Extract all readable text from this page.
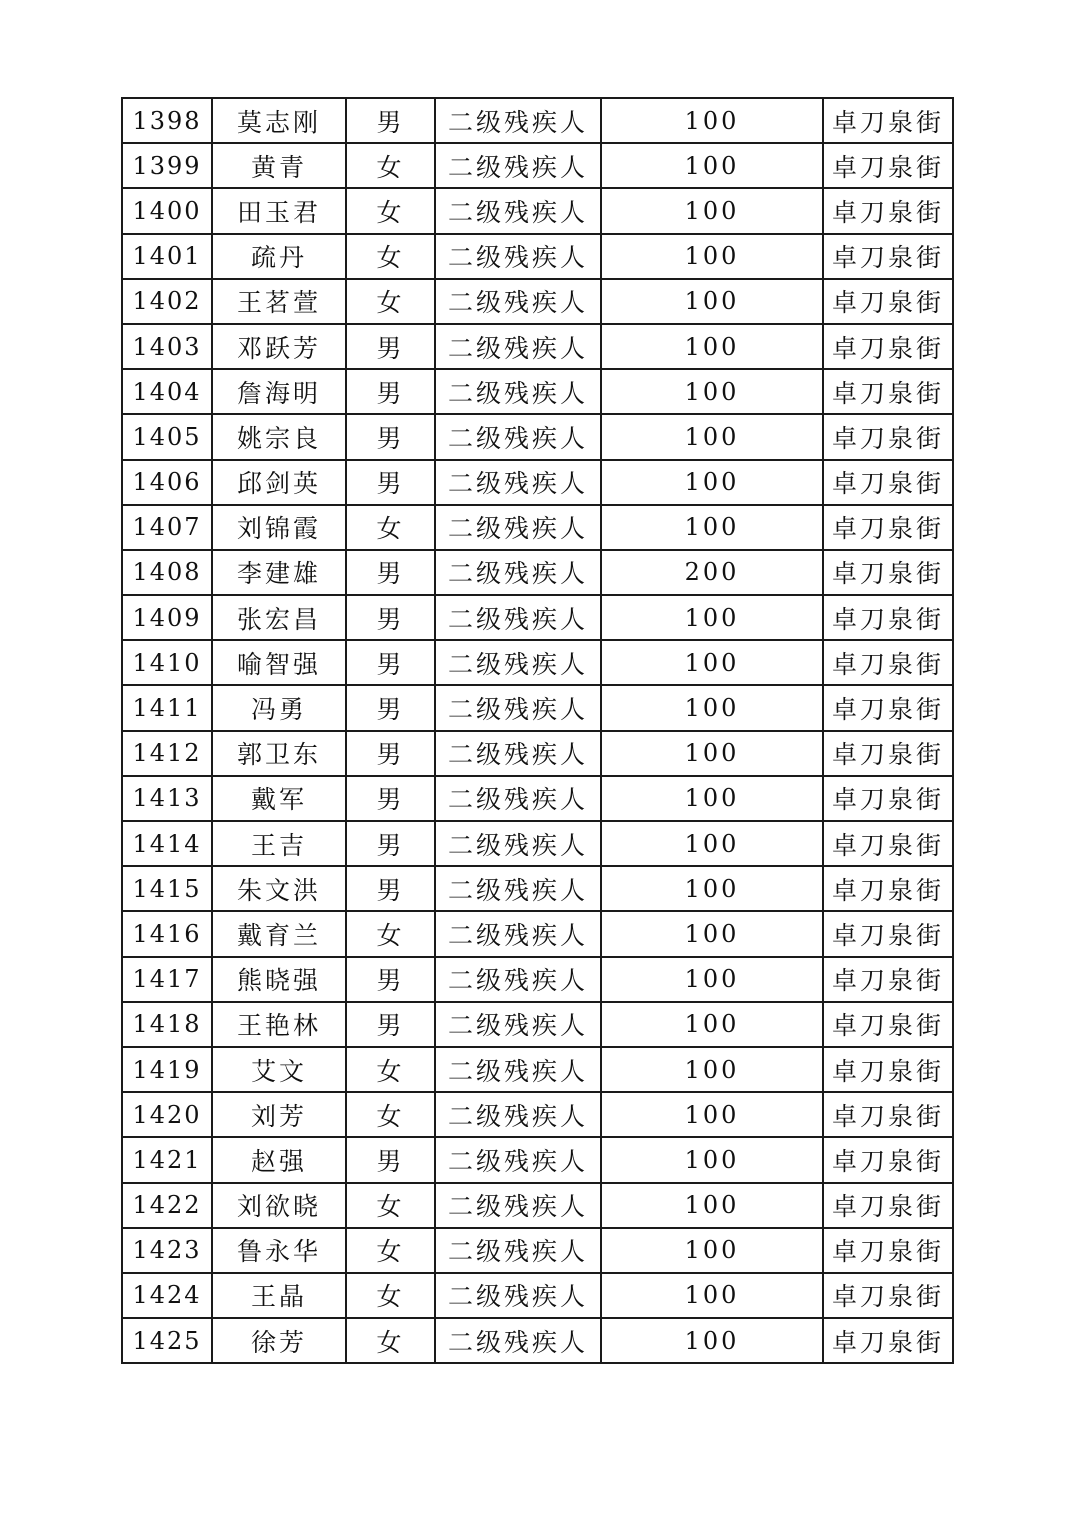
1398	莫志刚	男	二级残疾人	100	卓刀泉街
1399	黄青	女	二级残疾人	100	卓刀泉街
1400	田玉君	女	二级残疾人	100	卓刀泉街
1401	疏丹	女	二级残疾人	100	卓刀泉街
1402	王茗萱	女	二级残疾人	100	卓刀泉街
1403	邓跃芳	男	二级残疾人	100	卓刀泉街
1404	詹海明	男	二级残疾人	100	卓刀泉街
1405	姚宗良	男	二级残疾人	100	卓刀泉街
1406	邱剑英	男	二级残疾人	100	卓刀泉街
1407	刘锦霞	女	二级残疾人	100	卓刀泉街
1408	李建雄	男	二级残疾人	200	卓刀泉街
1409	张宏昌	男	二级残疾人	100	卓刀泉街
1410	喻智强	男	二级残疾人	100	卓刀泉街
1411	冯勇	男	二级残疾人	100	卓刀泉街
1412	郭卫东	男	二级残疾人	100	卓刀泉街
1413	戴军	男	二级残疾人	100	卓刀泉街
1414	王吉	男	二级残疾人	100	卓刀泉街
1415	朱文洪	男	二级残疾人	100	卓刀泉街
1416	戴育兰	女	二级残疾人	100	卓刀泉街
1417	熊晓强	男	二级残疾人	100	卓刀泉街
1418	王艳林	男	二级残疾人	100	卓刀泉街
1419	艾文	女	二级残疾人	100	卓刀泉街
1420	刘芳	女	二级残疾人	100	卓刀泉街
1421	赵强	男	二级残疾人	100	卓刀泉街
1422	刘欲晓	女	二级残疾人	100	卓刀泉街
1423	鲁永华	女	二级残疾人	100	卓刀泉街
1424	王晶	女	二级残疾人	100	卓刀泉街
1425	徐芳	女	二级残疾人	100	卓刀泉街
